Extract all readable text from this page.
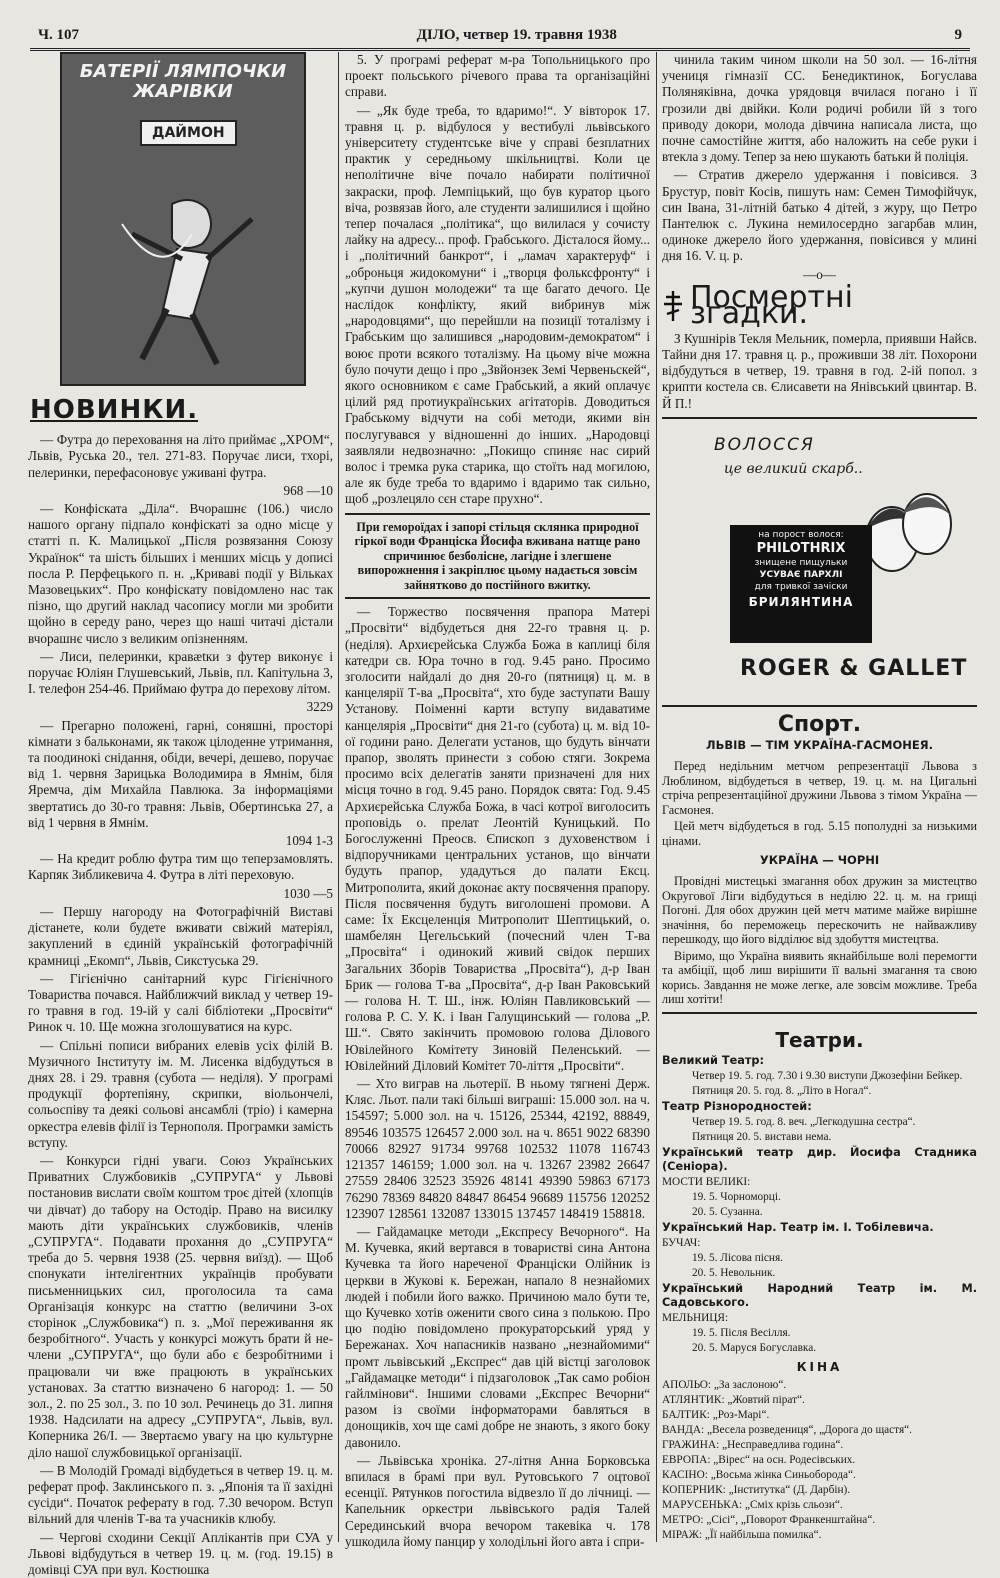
Ч. 107	ДІЛО, четвер 19. травня 1938	9
БАТЕРІЇ ЛЯМПОЧКИ
ЖАРІВКИ
ДАЙМОН
НОВИНКИ.

— Футра до переховання на літо приймає „ХРОМ“, Львів, Руська 20., тел. 271-83. Поручає лиси, тхорі, пелеринки, перефасоновує уживані футра.

968 —10

— Конфіската „Діла“. Вчорашнє (106.) число нашого органу підпало конфіскаті за одно місце у статті п. К. Малицької „Після розвязання Союзу Українок“ та шість більших і менших місць у дописі посла Р. Перфецького п. н. „Криваві події у Вільках Мазовецьких“. Про конфіскату повідомлено нас так пізно, що другий наклад часопису могли ми зробити щойно в середу рано, через що наші читачі дістали вчорашнє число з великим опізненням.

— Лиси, пелеринки, кравætки з футер виконує і поручає Юліян Глушевський, Львів, пл. Капітульна 3, І. телефон 254-46. Приймаю футра до перехову літом.

3229

— Прегарно положені, гарні, соняшні, просторі кімнати з бальконами, як також цілоденне утримання, та поодинокі снідання, обіди, вечері, дешево, поручає від 1. червня Зарицька Володимира в Ямнім, біля Яремча, дім Михайла Павлюка. За інформаціями звертатись до 30-го травня: Львів, Обертинська 27, а від 1 червня в Ямнім.

1094 1-3

— На кредит роблю футра тим що теперзамовлять. Карпяк Зибликевича 4. Футра в літі переховую.

1030 —5

— Першу нагороду на Фотографічній Виставі дістанете, коли будете вживати свіжий матеріял, закуплений в єдиній українській фотографічній крамниці „Екомп“, Львів, Сикстуська 29.

— Гігієнічно санітарний курс Гігієнічного Товариства почався. Найближчий виклад у четвер 19-го травня в год. 19-ій у салі бібліотеки „Просвіти“ Ринок ч. 10. Ще можна зголошуватися на курс.

— Спільні пописи вибраних елевів усіх філій В. Музичного Інституту ім. М. Лисенка відбудуться в днях 28. і 29. травня (субота — неділя). У програмі продукції фортепіяну, скрипки, віольончелі, сольоспіву та деякі сольові ансамблі (тріо) і камерна оркестра елевів філії із Тернополя. Програмки замість вступу.

— Конкурси гідні уваги. Союз Українських Приватних Службовиків „СУПРУГА“ у Львові постановив вислати своїм коштом троє дітей (хлопців чи дівчат) до табору на Остодір. Право на висилку мають діти українських службовиків, членів „СУПРУГА“. Подавати прохання до „СУПРУГА“ треба до 5. червня 1938 (25. червня виїзд). — Щоб спонукати інтелігентних українців пробувати письменницьких сил, проголосила та сама Організація конкурс на статтю (величини 3-ох сторінок „Службовика“) п. з. „Мої переживання як безробітного“. Участь у конкурсі можуть брати й не-члени „СУПРУГА“, що були або є безробітними і працювали чи вже працюють в українських установах. За статтю визначено 6 нагород: 1. — 50 зол., 2. по 25 зол., 3. по 10 зол. Речинець до 31. липня 1938. Надсилати на адресу „СУПРУГА“, Львів, вул. Коперника 26/І. — Звертаємо увагу на цю культурне діло нашої службовицької організації.

— В Молодій Громаді відбудеться в четвер 19. ц. м. реферат проф. Заклинського п. з. „Японія та її західні сусіди“. Початок реферату в год. 7.30 вечором. Вступ вільний для членів Т-ва та учасників клюбу.

— Чергові сходини Секції Аплікантів при СУА у Львові відбудуться в четвер 19. ц. м. (год. 19.15) в домівці СУА при вул. Костюшка

5. У програмі реферат м-ра Топольницького про проект польського річевого права та організаційні справи.

— „Як буде треба, то вдаримо!“. У вівторок 17. травня ц. р. відбулося у вестибулі львівського університету студентське віче у справі безплатних практик у середньому шкільництві. Коли це неполітичне віче почало набирати політичної закраски, проф. Лемпіцький, що був куратор цього віча, розвязав його, але студенти залишилися і щойно тепер почалася „політика“, що вилилася у сочисту лайку на адресу... проф. Грабського. Дісталося йому... і „політичний банкрот“, і „ламач характеруф“ і „оброньця жидокомуни“ і „творця фольксфронту“ і „купчи душон молодежи“ та ще багато дечого. Це наслідок конфлікту, який вибринув між „народовцями“, що перейшли на позиції тоталізму і Грабським що залишився „народовим-демократом“ і воює проти всякого тоталізму. На цьому віче можна було почути дещо і про „Звйонзек Земі Червеньскей“, якого основником є саме Грабський, а який оплачує цілий ряд протиукраїнських агітаторів. Доводиться Грабському відчути на собі методи, якими він послугувався у відношенні до інших. „Народовці заявляли недвозначно: „Покищо спиняє нас сирий волос і тремка рука старика, що стоїть над могилою, але як буде треба то вдаримо і вдаримо так сильно, щоб „розлецяло сєн старе прухно“.

При гемороїдах і запорі стільця склянка природної гіркої води Франціска Йосифа вживана натще рано спричинює безболісне, лагідне і злегшене випорожнення і закріплює цьому надається зовсім зайнятково до постійного вжитку.

— Торжество посвячення прапора Матері „Просвіти“ відбудеться дня 22-го травня ц. р. (неділя). Архиєрейська Служба Божа в каплиці біля катедри св. Юра точно в год. 9.45 рано. Просимо зголосити найдалі до дня 20-го (пятниця) ц. м. в канцелярії Т-ва „Просвіта“, хто буде заступати Вашу Установу. Поіменні карти вступу видаватиме канцелярія „Просвіти“ дня 21-го (субота) ц. м. від 10-ої години рано. Делегати установ, що будуть вінчати прапор, зволять принести з собою стяги. Зокрема просимо всіх делегатів заняти призначені для них місця точно в год. 9.45 рано. Порядок свята: Год. 9.45 Архиєрейська Служба Божа, в часі котрої виголосить проповідь о. прелат Леонтій Куницький. По Богослуженні Преосв. Єпископ з духовенством і відпоручниками центральних установ, що вінчати будуть прапор, удадуться до палати Ексц. Митрополита, який доконає акту посвячення прапору. Після посвячення будуть виголошені промови. А саме: Їх Ексцеленція Митрополит Шептицький, о. шамбелян Цегельський (почесний член Т-ва „Просвіта“ і одинокий живий свідок перших Загальних Зборів Товариства „Просвіта“), д-р Іван Брик — голова Т-ва „Просвіта“, д-р Іван Раковський — голова Н. Т. Ш., інж. Юліян Павликовський — голова Р. С. У. К. і Іван Галущинський — голова „Р. Ш.“. Свято закінчить промовою голова Ділового Ювілейного Комітету Зиновій Пеленський. — Ювілейний Діловий Комітет 70-ліття „Просвіти“.

— Хто виграв на льотерії. В ньому тягнені Держ. Кляс. Льот. пали такі більші виграші: 15.000 зол. на ч. 154597; 5.000 зол. на ч. 15126, 25344, 42192, 88849, 89546 103575 126457 2.000 зол. на ч. 8651 9022 68390 70066 82927 91734 99768 102532 11078 116743 121357 146159; 1.000 зол. на ч. 13267 23982 26647 27559 28406 32523 35926 48141 49390 59863 67173 76290 78369 84820 84847 86454 96689 115756 120252 123907 128561 132087 133015 137457 148419 158818.

— Гайдамацке методи „Експресу Вечорного“. На М. Кучевка, який вертався в товаристві сина Антона Кучевка та його нареченої Франціски Олійник із церкви в Жукові к. Бережан, напало 8 незнайомих людей і побили його важко. Причиною мало бути те, що Кучевко хотів оженити свого сина з полькою. Про цю подію повідомлено прокураторський уряд у Бережанах. Хоч напасників названо „незнайомими“ промт львівський „Експрес“ дав цій вістці заголовок „Гайдамацке методи“ і підзаголовок „Так само робіон гайлмінови“. Іншими словами „Експрес Вечорни“ разом із своїми інформаторами бавляться в донощиків, хоч ще самі добре не знають, з якого боку давонило.

— Львівська хроніка. 27-літня Анна Борковська впилася в брамі при вул. Рутовського 7 оцтової есенції. Рятунков погостила відвезло її до лічниці. — Капельник оркестри львівського радія Талей Серединський вчора вечором такевіка ч. 178 ушкодила йому панцир у холодільні його авта і спри-

чинила таким чином школи на 50 зол. — 16-літня учениця гімназії СС. Бенедиктинок, Богуслава Поляняківна, дочка урядовця вчилася погано і її грозили дві двійки. Коли родичі робили їй з того приводу докори, молода дівчина написала листа, що почне самостійне життя, або наложить на себе руки і втекла з дому. Тепер за нею шукають батьки й поліція.

— Стратив джерело удержання і повісився. З Брустур, повіт Косів, пишуть нам: Семен Тимофійчук, син Івана, 31-літній батько 4 дітей, з журу, що Петро Пантелюк с. Лукина немилосердно загарбав млин, одиноке джерело його удержання, повісився у млині дня 16. V. ц. р.

—о—

Посмертні згадки.

З Кушнірів Текля Мельник, померла, приявши Найсв. Тайни дня 17. травня ц. р., проживши 38 літ. Похорони відбудуться в четвер, 19. травня в год. 2-ій попол. з крипти костела св. Єлисавети на Янівський цвинтар. В. Й П.!

ВОЛОССЯ
це великий скарб..
на порост волося:
PHILOTHRIX
знищене пищульки
УСУВАЄ ПАРХЛІ
для тривкої зачіски
БРИЛЯНТИНА
ROGER & GALLET
Спорт.
ЛЬВІВ — ТІМ УКРАЇНА-ГАСМОНЕЯ.

Перед недільним метчом репрезентації Львова з Люблином, відбудеться в четвер, 19. ц. м. на Цигальні стріча репрезентаційної дружини Львова з тімом Україна — Гасмонея.

Цей метч відбудеться в год. 5.15 пополудні за низькими цінами.

УКРАЇНА — ЧОРНІ

Провідні мистецькі змагання обох дружин за мистецтво Округової Ліги відбудуться в неділю 22. ц. м. на грищі Погоні. Для обох дружин цей метч матиме майже вирішне значіння, бо переможець перескочить не найважливу перешкоду, що його відділює від здобуття мистецтва.

Віримо, що Україна виявить якнайбільше волі перемогти та амбіції, щоб лиш вирішити її вальні змагання та свою корись. Завдання не може легке, але зовсім можливе. Треба лиш хотіти!

Театри.

Великий Театр:

Четвер 19. 5. год. 7.30 і 9.30 виступи Джозефіни Бейкер.

Пятниця 20. 5. год. 8. „Літо в Ногал“.

Театр Різнородностей:

Четвер 19. 5. год. 8. веч. „Легкодушна сестра“.

Пятниця 20. 5. вистави нема.

Український театр дир. Йосифа Стадника (Сеніора).

МОСТИ ВЕЛИКІ:

19. 5. Чорноморці.

20. 5. Сузанна.

Український Нар. Театр ім. І. Тобілевича.

БУЧАЧ:

19. 5. Лісова пісня.

20. 5. Невольник.

Український Народний Театр ім. М. Садовського.

МЕЛЬНИЦЯ:

19. 5. Після Весілля.

20. 5. Маруся Богуславка.

КІНА

АПОЛЬО: „За заслоною“.

АТЛЯНТИК: „Жовтий пірат“.

БАЛТИК: „Роз-Марі“.

ВАНДА: „Весела розведениця“, „Дорога до щастя“.

ГРАЖИНА: „Несправедлива година“.

ЕВРОПА: „Вірес“ на осн. Родесівських.

КАСІНО: „Восьма жінка Синьоборода“.

КОПЕРНИК: „Інституткa“ (Д. Дарбін).

МАРУСЕНЬКА: „Сміх крізь сльози“.

МЕТРО: „Сісі“, „Поворот Франкенштайна“.

МІРАЖ: „Її найбільша помилка“.
